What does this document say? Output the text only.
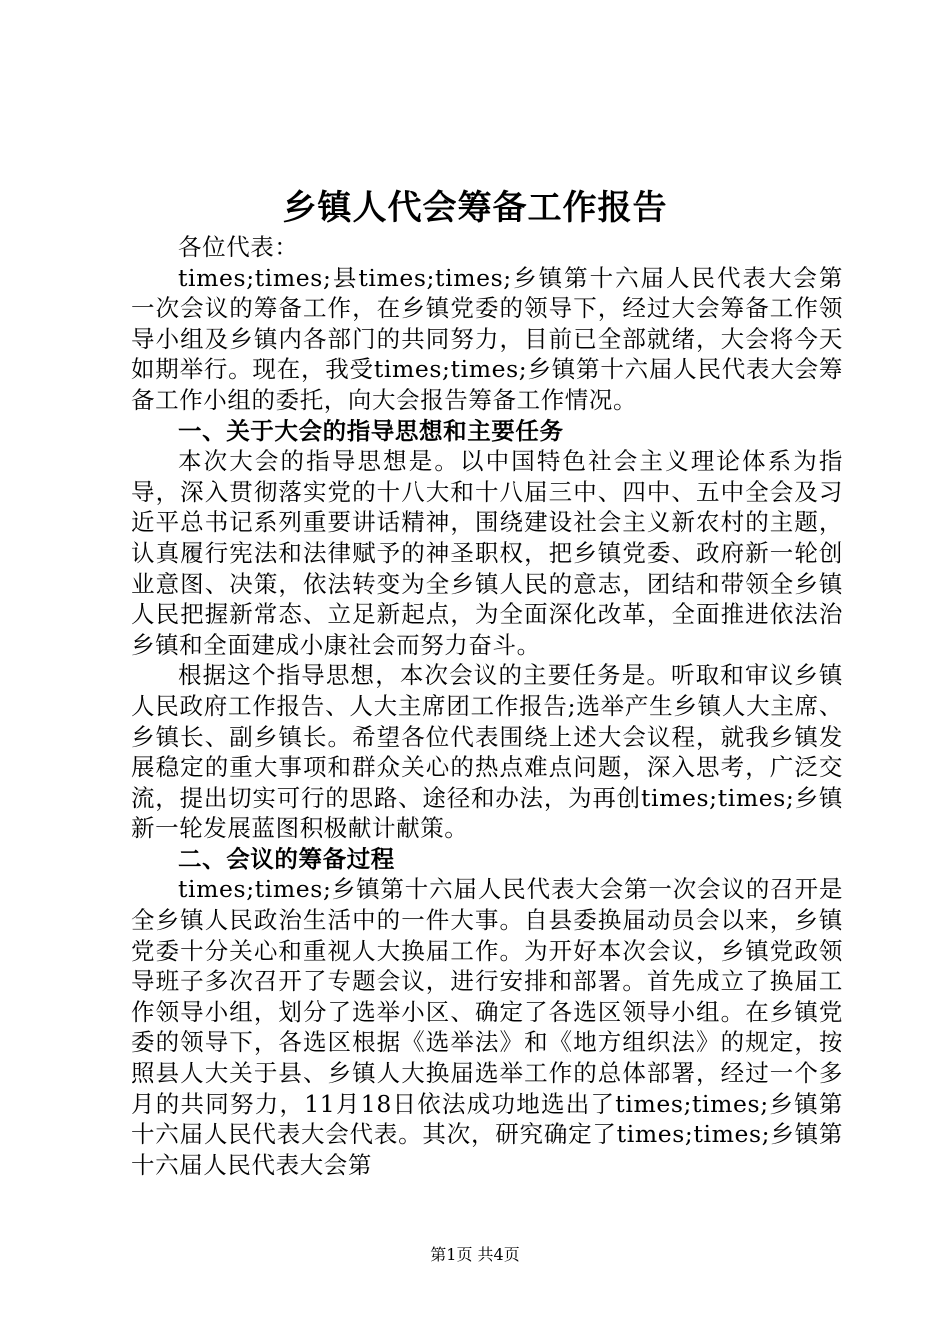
乡镇人代会筹备工作报告

各位代表：

times;times;县times;times;乡镇第十六届人民代表大会第一次会议的筹备工作，在乡镇党委的领导下，经过大会筹备工作领导小组及乡镇内各部门的共同努力，目前已全部就绪，大会将今天如期举行。现在，我受times;times;乡镇第十六届人民代表大会筹备工作小组的委托，向大会报告筹备工作情况。

一、关于大会的指导思想和主要任务

本次大会的指导思想是。以中国特色社会主义理论体系为指导，深入贯彻落实党的十八大和十八届三中、四中、五中全会及习近平总书记系列重要讲话精神，围绕建设社会主义新农村的主题，认真履行宪法和法律赋予的神圣职权，把乡镇党委、政府新一轮创业意图、决策，依法转变为全乡镇人民的意志，团结和带领全乡镇人民把握新常态、立足新起点，为全面深化改革，全面推进依法治乡镇和全面建成小康社会而努力奋斗。

根据这个指导思想，本次会议的主要任务是。听取和审议乡镇人民政府工作报告、人大主席团工作报告;选举产生乡镇人大主席、乡镇长、副乡镇长。希望各位代表围绕上述大会议程，就我乡镇发展稳定的重大事项和群众关心的热点难点问题，深入思考，广泛交流，提出切实可行的思路、途径和办法，为再创times;times;乡镇新一轮发展蓝图积极献计献策。

二、会议的筹备过程

times;times;乡镇第十六届人民代表大会第一次会议的召开是全乡镇人民政治生活中的一件大事。自县委换届动员会以来，乡镇党委十分关心和重视人大换届工作。为开好本次会议，乡镇党政领导班子多次召开了专题会议，进行安排和部署。首先成立了换届工作领导小组，划分了选举小区、确定了各选区领导小组。在乡镇党委的领导下，各选区根据《选举法》和《地方组织法》的规定，按照县人大关于县、乡镇人大换届选举工作的总体部署，经过一个多月的共同努力，11月18日依法成功地选出了times;times;乡镇第十六届人民代表大会代表。其次，研究确定了times;times;乡镇第十六届人民代表大会第

第1页 共4页
